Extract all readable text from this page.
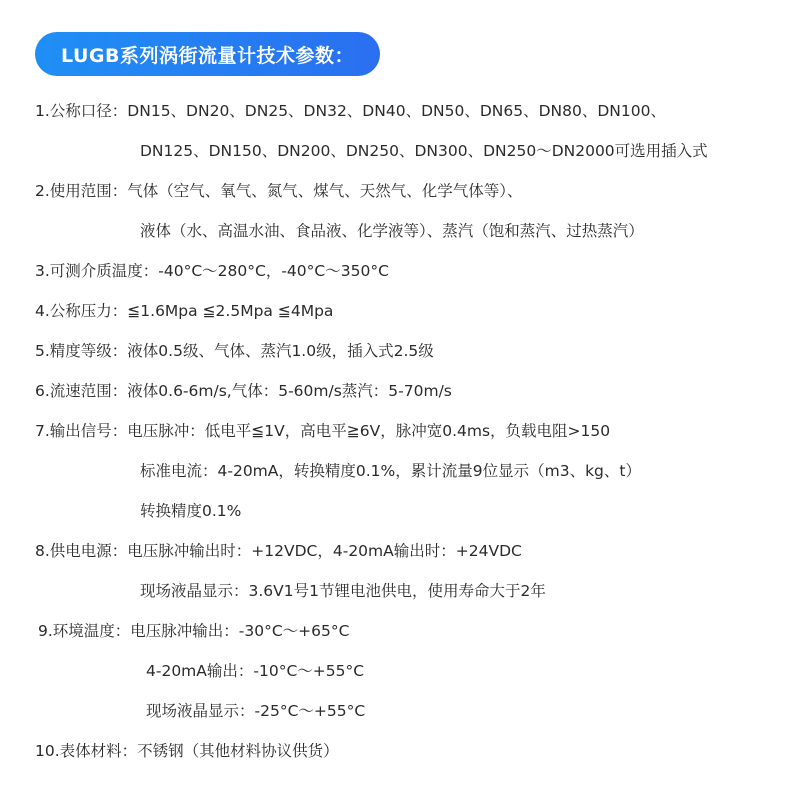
LUGB系列涡街流量计技术参数：
1.公称口径：DN15、DN20、DN25、DN32、DN40、DN50、DN65、DN80、DN100、
DN125、DN150、DN200、DN250、DN300、DN250～DN2000可选用插入式
2.使用范围：气体（空气、氧气、氮气、煤气、天然气、化学气体等）、
液体（水、高温水油、食品液、化学液等）、蒸汽（饱和蒸汽、过热蒸汽）
3.可测介质温度：-40°C～280°C，-40°C～350°C
4.公称压力：≦1.6Mpa ≦2.5Mpa ≦4Mpa
5.精度等级：液体0.5级、气体、蒸汽1.0级，插入式2.5级
6.流速范围：液体0.6-6m/s,气体：5-60m/s蒸汽：5-70m/s
7.输出信号：电压脉冲：低电平≦1V，高电平≧6V，脉冲宽0.4ms，负载电阻>150
标准电流：4-20mA，转换精度0.1%，累计流量9位显示（m3、kg、t）
转换精度0.1%
8.供电电源：电压脉冲输出时：+12VDC，4-20mA输出时：+24VDC
现场液晶显示：3.6V1号1节锂电池供电，使用寿命大于2年
9.环境温度：电压脉冲输出：-30°C～+65°C
4-20mA输出：-10°C～+55°C
现场液晶显示：-25°C～+55°C
10.表体材料：不锈钢（其他材料协议供货）
